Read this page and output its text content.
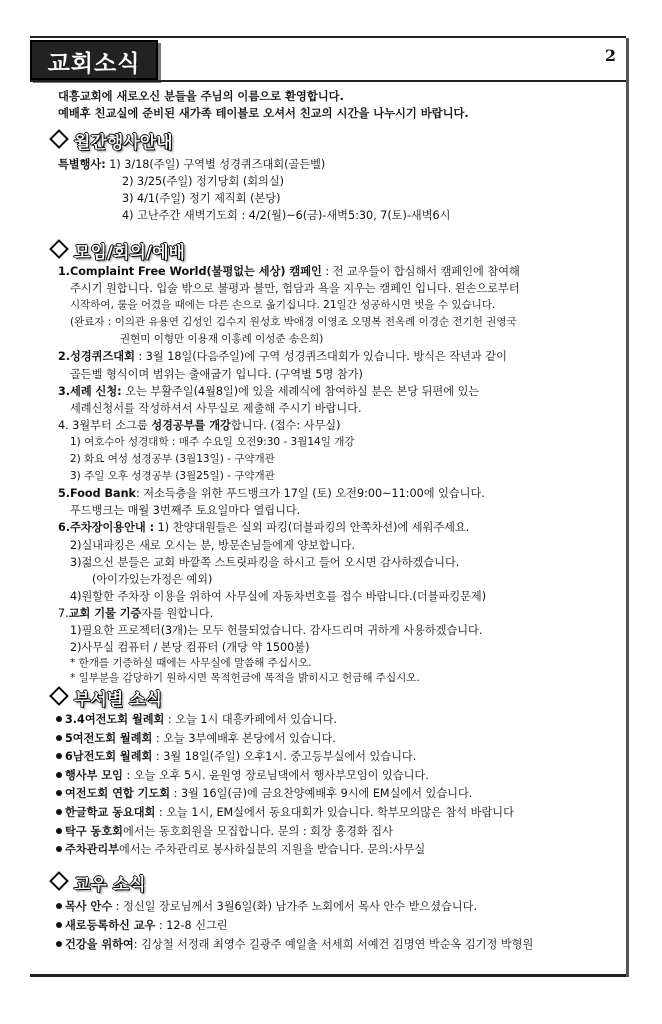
교회소식	2
대흥교회에 새로오신 분들을 주님의 이름으로 환영합니다.
예배후 친교실에 준비된 새가족 테이블로 오셔서 친교의 시간을 나누시기 바랍니다.
월간행사안내
특별행사: 1) 3/18(주일) 구역별 성경퀴즈대회(골든벨)
2) 3/25(주일) 정기당회 (회의실)
3) 4/1(주일) 정기 제직회 (본당)
4) 고난주간 새벽기도회 : 4/2(월)~6(금)-새벽5:30, 7(토)-새벽6시
모임/회의/예배
1.Complaint Free World(불평없는 세상) 캠페인 : 전 교우들이 합심해서 캠페인에 참여해
주시기 원합니다. 입술 밖으로 불평과 불만, 험담과 욕을 지우는 캠페인 입니다. 왼손으로부터
시작하여, 룰을 어겼을 때에는 다른 손으로 옮기십니다. 21일간 성공하시면 벗을 수 있습니다.
(완료자 : 이의관 유용연 김성인 김수지 원성호 박애경 이영조 오명복 전옥례 이경순 전기헌 권영국
권현미 이형만 이용재 이홍례 이성준 송은희)
2.성경퀴즈대회 : 3월 18일(다음주일)에 구역 성경퀴즈대회가 있습니다. 방식은 작년과 같이
골든벨 형식이며 범위는 출애굽기 입니다. (구역별 5명 참가)
3.세례 신청: 오는 부활주일(4월8일)에 있을 세례식에 참여하실 분은 본당 뒤편에 있는
세례신청서를 작성하셔서 사무실로 제출해 주시기 바랍니다.
4. 3월부터 소그룹 성경공부를 개강합니다. (접수: 사무실)
1) 여호수아 성경대학 : 매주 수요일 오전9:30 - 3월14일 개강
2) 화요 여성 성경공부 (3월13일) - 구약개관
3) 주일 오후 성경공부 (3월25일) - 구약개관
5.Food Bank: 저소득층을 위한 푸드뱅크가 17일 (토) 오전9:00~11:00에 있습니다.
푸드뱅크는 매월 3번째주 토요일마다 열립니다.
6.주차장이용안내 : 1) 찬양대원들은 실외 파킹(더블파킹의 안쪽차선)에 세워주세요.
2)실내파킹은 새로 오시는 분, 방문손님들에게 양보합니다.
3)젊으신 분들은 교회 바깥쪽 스트릿파킹을 하시고 들어 오시면 감사하겠습니다.
(아이가있는가정은 예외)
4)원할한 주차장 이용을 위하여 사무실에 자동차번호를 접수 바랍니다.(더블파킹문제)
7.교회 기물 기증자를 원합니다.
1)필요한 프로젝터(3개)는 모두 헌물되었습니다. 감사드리며 귀하게 사용하겠습니다.
2)사무실 컴퓨터 / 본당 컴퓨터 (개당 약 1500불)
* 한개를 기증하실 때에는 사무실에 말씀해 주십시오.
* 일부분을 감당하기 원하시면 목적헌금에 목적을 밝히시고 헌금해 주십시오.
부서별 소식
3.4여전도회 월례회 : 오늘 1시 대흥카페에서 있습니다.
5여전도회 월례회 : 오늘 3부예배후 본당에서 있습니다.
6남전도회 월례회 : 3월 18일(주일) 오후1시. 중고등부실에서 있습니다.
행사부 모임 : 오늘 오후 5시. 윤원영 장로님댁에서 행사부모임이 있습니다.
여전도회 연합 기도회 : 3월 16일(금)에 금요찬양예배후 9시에 EM실에서 있습니다.
한글학교 동요대회 : 오늘 1시, EM실에서 동요대회가 있습니다. 학부모의많은 참석 바랍니다
탁구 동호회에서는 동호회원을 모집합니다. 문의 : 회장 홍경화 집사
주차관리부에서는 주차관리로 봉사하실분의 지원을 받습니다. 문의:사무실
교우 소식
목사 안수 : 정신일 장로님께서 3월6일(화) 남가주 노회에서 목사 안수 받으셨습니다.
새로등록하신 교우 : 12-8 신그린
건강을 위하여: 김상철 서정래 최영수 길광주 예일출 서세희 서예건 김명연 박순옥 김기정 박형원
